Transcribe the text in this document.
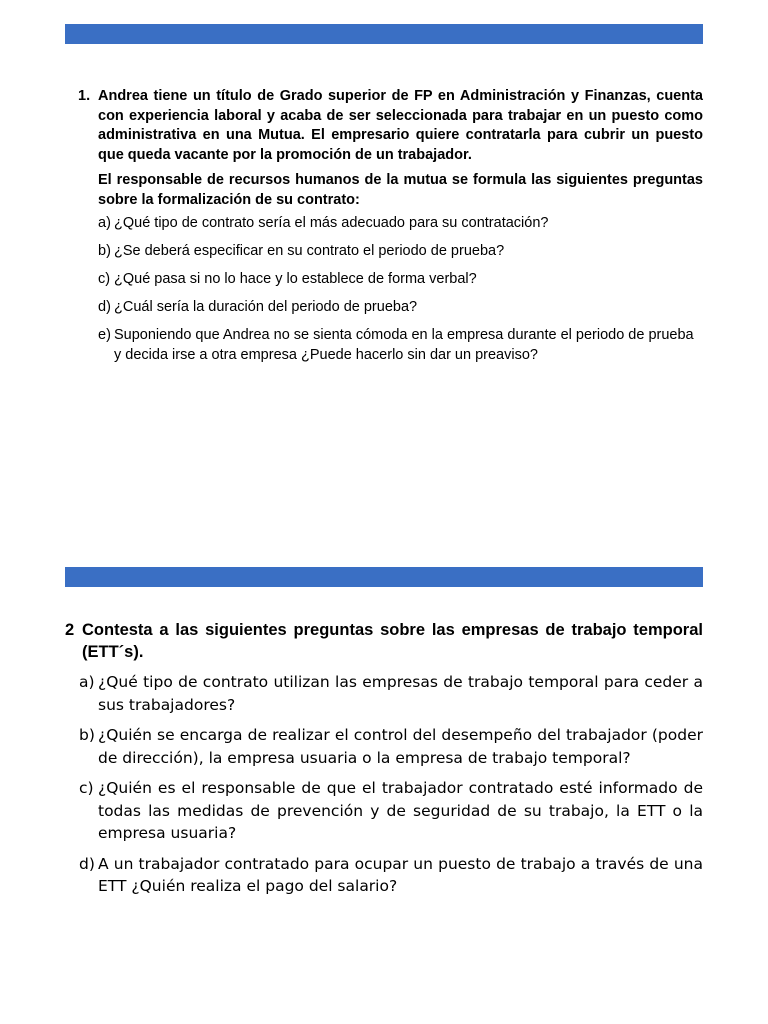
1. Andrea tiene un título de Grado superior de FP en Administración y Finanzas, cuenta con experiencia laboral y acaba de ser seleccionada para trabajar en un puesto como administrativa en una Mutua. El empresario quiere contratarla para cubrir un puesto que queda vacante por la promoción de un trabajador.

El responsable de recursos humanos de la mutua se formula las siguientes preguntas sobre la formalización de su contrato:

a) ¿Qué tipo de contrato sería el más adecuado para su contratación?
b) ¿Se deberá especificar en su contrato el periodo de prueba?
c) ¿Qué pasa si no lo hace y lo establece de forma verbal?
d) ¿Cuál sería la duración del periodo de prueba?
e) Suponiendo que Andrea no se sienta cómoda en la empresa durante el periodo de prueba y decida irse a otra empresa ¿Puede hacerlo sin dar un preaviso?
2 Contesta a las siguientes preguntas sobre las empresas de trabajo temporal (ETT´s).

a) ¿Qué tipo de contrato utilizan las empresas de trabajo temporal para ceder a sus trabajadores?
b) ¿Quién se encarga de realizar el control del desempeño del trabajador (poder de dirección), la empresa usuaria o la empresa de trabajo temporal?
c) ¿Quién es el responsable de que el trabajador contratado esté informado de todas las medidas de prevención y de seguridad de su trabajo, la ETT o la empresa usuaria?
d) A un trabajador contratado para ocupar un puesto de trabajo a través de una ETT ¿Quién realiza el pago del salario?
